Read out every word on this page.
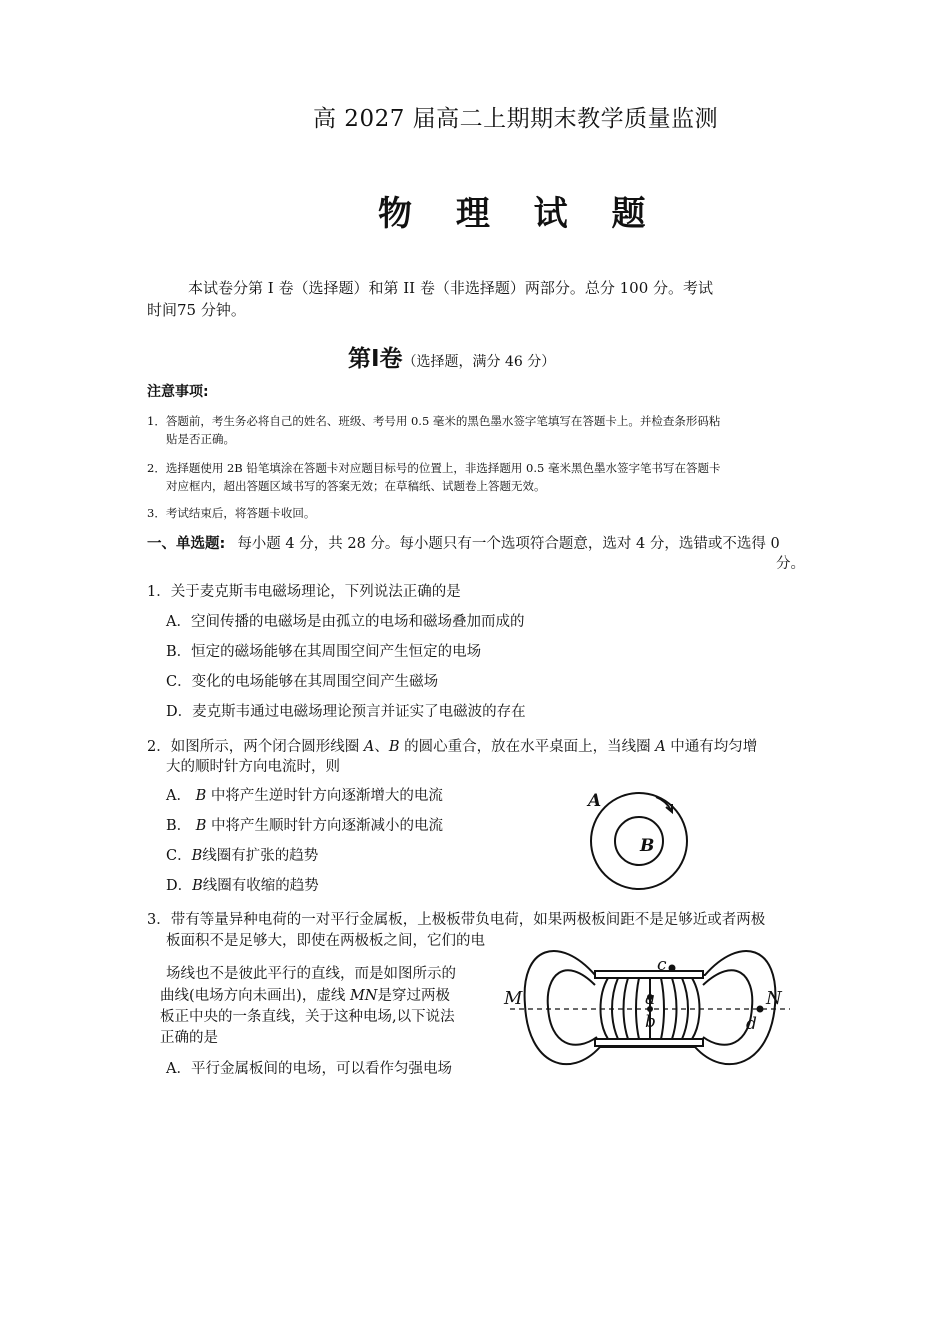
高 2027 届高二上期期末教学质量监测
物 理 试 题
本试卷分第 I 卷（选择题）和第 II 卷（非选择题）两部分。总分 100 分。考试
时间75 分钟。
第Ⅰ卷（选择题，满分 46 分）
注意事项:
1．答题前，考生务必将自己的姓名、班级、考号用 0.5 毫米的黑色墨水签字笔填写在答题卡上。并检查条形码粘
贴是否正确。
2．选择题使用 2B 铅笔填涂在答题卡对应题目标号的位置上，非选择题用 0.5 毫米黑色墨水签字笔书写在答题卡
对应框内，超出答题区域书写的答案无效；在草稿纸、试题卷上答题无效。
3．考试结束后，将答题卡收回。
一、单选题: 每小题 4 分，共 28 分。每小题只有一个选项符合题意，选对 4 分，选错或不选得 0
分。
1．关于麦克斯韦电磁场理论，下列说法正确的是
A．空间传播的电磁场是由孤立的电场和磁场叠加而成的
B．恒定的磁场能够在其周围空间产生恒定的电场
C．变化的电场能够在其周围空间产生磁场
D．麦克斯韦通过电磁场理论预言并证实了电磁波的存在
2．如图所示，两个闭合圆形线圈 A、B 的圆心重合，放在水平桌面上，当线圈 A 中通有均匀增
大的顺时针方向电流时，则
A． B 中将产生逆时针方向逐渐增大的电流
B． B 中将产生顺时针方向逐渐减小的电流
C．B线圈有扩张的趋势
D．B线圈有收缩的趋势
A
B
3．带有等量异种电荷的一对平行金属板，上极板带负电荷，如果两极板间距不是足够近或者两极
板面积不是足够大，即使在两极板之间，它们的电
场线也不是彼此平行的直线，而是如图所示的
曲线(电场方向未画出)，虚线 MN是穿过两极
板正中央的一条直线，关于这种电场,以下说法
正确的是
A．平行金属板间的电场，可以看作匀强电场
M	N
a
b
c
d
